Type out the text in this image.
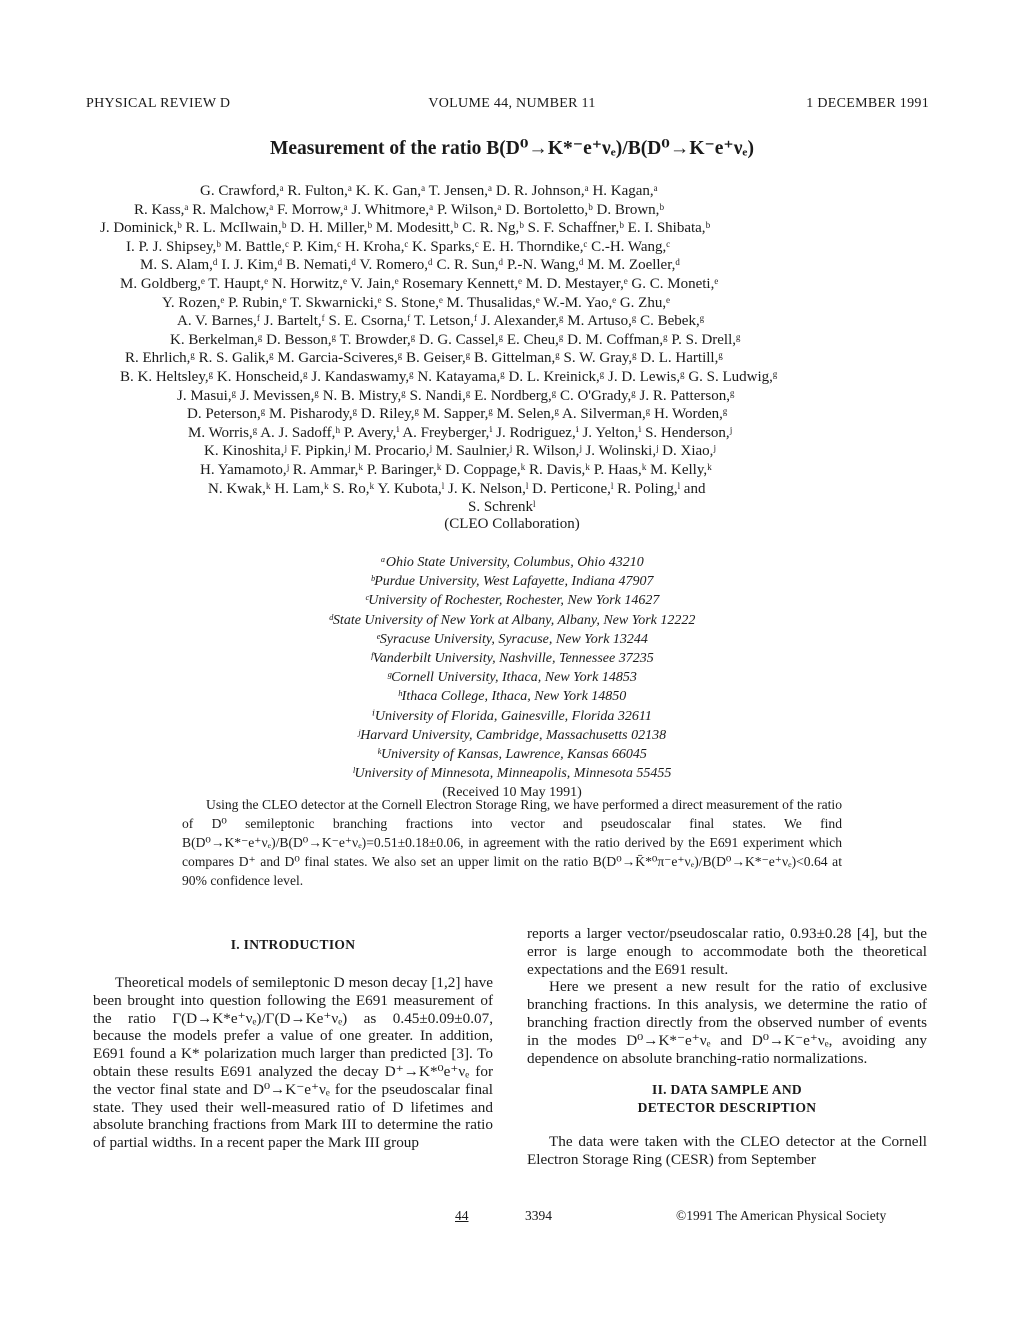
PHYSICAL REVIEW D	VOLUME 44, NUMBER 11	1 DECEMBER 1991
Measurement of the ratio B(D⁰→K*⁻e⁺νₑ)/B(D⁰→K⁻e⁺νₑ)
G. Crawford,ᵃ R. Fulton,ᵃ K. K. Gan,ᵃ T. Jensen,ᵃ D. R. Johnson,ᵃ H. Kagan,ᵃ
R. Kass,ᵃ R. Malchow,ᵃ F. Morrow,ᵃ J. Whitmore,ᵃ P. Wilson,ᵃ D. Bortoletto,ᵇ D. Brown,ᵇ
J. Dominick,ᵇ R. L. McIlwain,ᵇ D. H. Miller,ᵇ M. Modesitt,ᵇ C. R. Ng,ᵇ S. F. Schaffner,ᵇ E. I. Shibata,ᵇ
I. P. J. Shipsey,ᵇ M. Battle,ᶜ P. Kim,ᶜ H. Kroha,ᶜ K. Sparks,ᶜ E. H. Thorndike,ᶜ C.-H. Wang,ᶜ
M. S. Alam,ᵈ I. J. Kim,ᵈ B. Nemati,ᵈ V. Romero,ᵈ C. R. Sun,ᵈ P.-N. Wang,ᵈ M. M. Zoeller,ᵈ
M. Goldberg,ᵉ T. Haupt,ᵉ N. Horwitz,ᵉ V. Jain,ᵉ Rosemary Kennett,ᵉ M. D. Mestayer,ᵉ G. C. Moneti,ᵉ
Y. Rozen,ᵉ P. Rubin,ᵉ T. Skwarnicki,ᵉ S. Stone,ᵉ M. Thusalidas,ᵉ W.-M. Yao,ᵉ G. Zhu,ᵉ
A. V. Barnes,ᶠ J. Bartelt,ᶠ S. E. Csorna,ᶠ T. Letson,ᶠ J. Alexander,ᵍ M. Artuso,ᵍ C. Bebek,ᵍ
K. Berkelman,ᵍ D. Besson,ᵍ T. Browder,ᵍ D. G. Cassel,ᵍ E. Cheu,ᵍ D. M. Coffman,ᵍ P. S. Drell,ᵍ
R. Ehrlich,ᵍ R. S. Galik,ᵍ M. Garcia-Sciveres,ᵍ B. Geiser,ᵍ B. Gittelman,ᵍ S. W. Gray,ᵍ D. L. Hartill,ᵍ
B. K. Heltsley,ᵍ K. Honscheid,ᵍ J. Kandaswamy,ᵍ N. Katayama,ᵍ D. L. Kreinick,ᵍ J. D. Lewis,ᵍ G. S. Ludwig,ᵍ
J. Masui,ᵍ J. Mevissen,ᵍ N. B. Mistry,ᵍ S. Nandi,ᵍ E. Nordberg,ᵍ C. O'Grady,ᵍ J. R. Patterson,ᵍ
D. Peterson,ᵍ M. Pisharody,ᵍ D. Riley,ᵍ M. Sapper,ᵍ M. Selen,ᵍ A. Silverman,ᵍ H. Worden,ᵍ
M. Worris,ᵍ A. J. Sadoff,ʰ P. Avery,ⁱ A. Freyberger,ⁱ J. Rodriguez,ⁱ J. Yelton,ⁱ S. Henderson,ʲ
K. Kinoshita,ʲ F. Pipkin,ʲ M. Procario,ʲ M. Saulnier,ʲ R. Wilson,ʲ J. Wolinski,ʲ D. Xiao,ʲ
H. Yamamoto,ʲ R. Ammar,ᵏ P. Baringer,ᵏ D. Coppage,ᵏ R. Davis,ᵏ P. Haas,ᵏ M. Kelly,ᵏ
N. Kwak,ᵏ H. Lam,ᵏ S. Ro,ᵏ Y. Kubota,ˡ J. K. Nelson,ˡ D. Perticone,ˡ R. Poling,ˡ and
S. Schrenkˡ
(CLEO Collaboration)
ᵃOhio State University, Columbus, Ohio 43210
ᵇPurdue University, West Lafayette, Indiana 47907
ᶜUniversity of Rochester, Rochester, New York 14627
ᵈState University of New York at Albany, Albany, New York 12222
ᵉSyracuse University, Syracuse, New York 13244
ᶠVanderbilt University, Nashville, Tennessee 37235
ᵍCornell University, Ithaca, New York 14853
ʰIthaca College, Ithaca, New York 14850
ⁱUniversity of Florida, Gainesville, Florida 32611
ʲHarvard University, Cambridge, Massachusetts 02138
ᵏUniversity of Kansas, Lawrence, Kansas 66045
ˡUniversity of Minnesota, Minneapolis, Minnesota 55455
(Received 10 May 1991)

Using the CLEO detector at the Cornell Electron Storage Ring, we have performed a direct measurement of the ratio of D⁰ semileptonic branching fractions into vector and pseudoscalar final states. We find B(D⁰→K*⁻e⁺νₑ)/B(D⁰→K⁻e⁺νₑ)=0.51±0.18±0.06, in agreement with the ratio derived by the E691 experiment which compares D⁺ and D⁰ final states. We also set an upper limit on the ratio B(D⁰→K̄*⁰π⁻e⁺νₑ)/B(D⁰→K*⁻e⁺νₑ)<0.64 at 90% confidence level.

I. INTRODUCTION

Theoretical models of semileptonic D meson decay [1,2] have been brought into question following the E691 measurement of the ratio Γ(D→K*e⁺νₑ)/Γ(D→Ke⁺νₑ) as 0.45±0.09±0.07, because the models prefer a value of one greater. In addition, E691 found a K* polarization much larger than predicted [3]. To obtain these results E691 analyzed the decay D⁺→K*⁰e⁺νₑ for the vector final state and D⁰→K⁻e⁺νₑ for the pseudoscalar final state. They used their well-measured ratio of D lifetimes and absolute branching fractions from Mark III to determine the ratio of partial widths. In a recent paper the Mark III group

reports a larger vector/pseudoscalar ratio, 0.93±0.28 [4], but the error is large enough to accommodate both the theoretical expectations and the E691 result.

Here we present a new result for the ratio of exclusive branching fractions. In this analysis, we determine the ratio of branching fraction directly from the observed number of events in the modes D⁰→K*⁻e⁺νₑ and D⁰→K⁻e⁺νₑ, avoiding any dependence on absolute branching-ratio normalizations.

II. DATA SAMPLE AND
DETECTOR DESCRIPTION

The data were taken with the CLEO detector at the Cornell Electron Storage Ring (CESR) from September

44	3394	©1991 The American Physical Society
